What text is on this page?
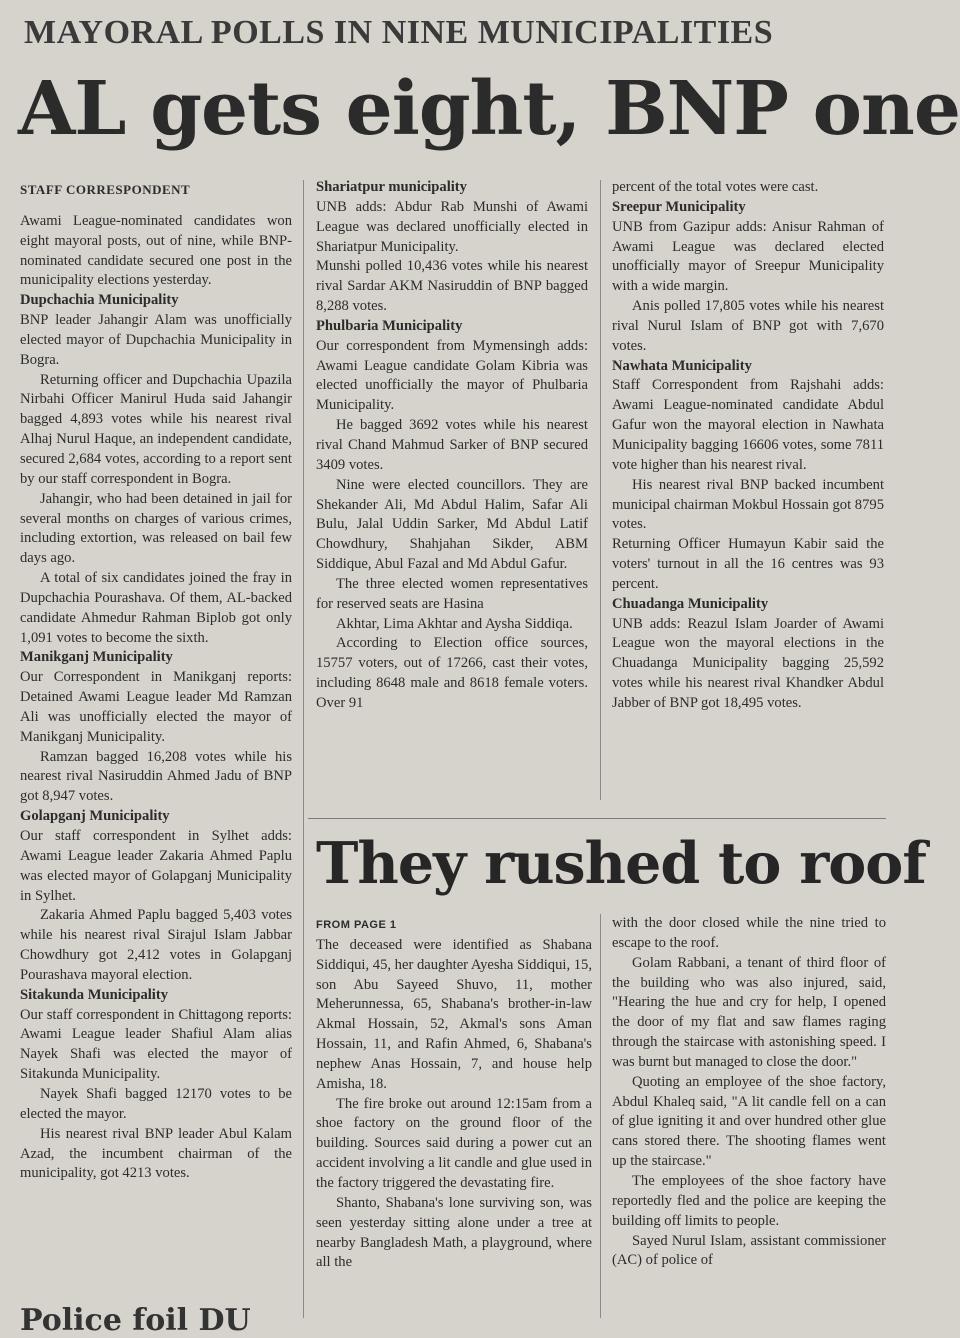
MAYORAL POLLS IN NINE MUNICIPALITIES
AL gets eight, BNP one
STAFF CORRESPONDENT

Awami League-nominated candidates won eight mayoral posts, out of nine, while BNP-nominated candidate secured one post in the municipality elections yesterday.

Dupchachia Municipality

BNP leader Jahangir Alam was unofficially elected mayor of Dupchachia Municipality in Bogra.

Returning officer and Dupchachia Upazila Nirbahi Officer Manirul Huda said Jahangir bagged 4,893 votes while his nearest rival Alhaj Nurul Haque, an independent candidate, secured 2,684 votes, according to a report sent by our staff correspondent in Bogra.

Jahangir, who had been detained in jail for several months on charges of various crimes, including extortion, was released on bail few days ago.

A total of six candidates joined the fray in Dupchachia Pourashava. Of them, AL-backed candidate Ahmedur Rahman Biplob got only 1,091 votes to become the sixth.

Manikganj Municipality

Our Correspondent in Manikganj reports: Detained Awami League leader Md Ramzan Ali was unofficially elected the mayor of Manikganj Municipality.

Ramzan bagged 16,208 votes while his nearest rival Nasiruddin Ahmed Jadu of BNP got 8,947 votes.

Golapganj Municipality

Our staff correspondent in Sylhet adds: Awami League leader Zakaria Ahmed Paplu was elected mayor of Golapganj Municipality in Sylhet.

Zakaria Ahmed Paplu bagged 5,403 votes while his nearest rival Sirajul Islam Jabbar Chowdhury got 2,412 votes in Golapganj Pourashava mayoral election.

Sitakunda Municipality

Our staff correspondent in Chittagong reports: Awami League leader Shafiul Alam alias Nayek Shafi was elected the mayor of Sitakunda Municipality.

Nayek Shafi bagged 12170 votes to be elected the mayor.

His nearest rival BNP leader Abul Kalam Azad, the incumbent chairman of the municipality, got 4213 votes.

Shariatpur municipality

UNB adds: Abdur Rab Munshi of Awami League was declared unofficially elected in Shariatpur Municipality.

Munshi polled 10,436 votes while his nearest rival Sardar AKM Nasiruddin of BNP bagged 8,288 votes.

Phulbaria Municipality

Our correspondent from Mymensingh adds: Awami League candidate Golam Kibria was elected unofficially the mayor of Phulbaria Municipality.

He bagged 3692 votes while his nearest rival Chand Mahmud Sarker of BNP secured 3409 votes.

Nine were elected councillors. They are Shekander Ali, Md Abdul Halim, Safar Ali Bulu, Jalal Uddin Sarker, Md Abdul Latif Chowdhury, Shahjahan Sikder, ABM Siddique, Abul Fazal and Md Abdul Gafur.

The three elected women representatives for reserved seats are Hasina

Akhtar, Lima Akhtar and Aysha Siddiqa.

According to Election office sources, 15757 voters, out of 17266, cast their votes, including 8648 male and 8618 female voters. Over 91

percent of the total votes were cast.

Sreepur Municipality

UNB from Gazipur adds: Anisur Rahman of Awami League was declared elected unofficially mayor of Sreepur Municipality with a wide margin.

Anis polled 17,805 votes while his nearest rival Nurul Islam of BNP got with 7,670 votes.

Nawhata Municipality

Staff Correspondent from Rajshahi adds: Awami League-nominated candidate Abdul Gafur won the mayoral election in Nawhata Municipality bagging 16606 votes, some 7811 vote higher than his nearest rival.

His nearest rival BNP backed incumbent municipal chairman Mokbul Hossain got 8795 votes.

Returning Officer Humayun Kabir said the voters' turnout in all the 16 centres was 93 percent.

Chuadanga Municipality

UNB adds: Reazul Islam Joarder of Awami League won the mayoral elections in the Chuadanga Municipality bagging 25,592 votes while his nearest rival Khandker Abdul Jabber of BNP got 18,495 votes.

They rushed to roof
FROM PAGE 1

The deceased were identified as Shabana Siddiqui, 45, her daughter Ayesha Siddiqui, 15, son Abu Sayeed Shuvo, 11, mother Meherunnessa, 65, Shabana's brother-in-law Akmal Hossain, 52, Akmal's sons Aman Hossain, 11, and Rafin Ahmed, 6, Shabana's nephew Anas Hossain, 7, and house help Amisha, 18.

The fire broke out around 12:15am from a shoe factory on the ground floor of the building. Sources said during a power cut an accident involving a lit candle and glue used in the factory triggered the devastating fire.

Shanto, Shabana's lone surviving son, was seen yesterday sitting alone under a tree at nearby Bangladesh Math, a playground, where all the

with the door closed while the nine tried to escape to the roof.

Golam Rabbani, a tenant of third floor of the building who was also injured, said, "Hearing the hue and cry for help, I opened the door of my flat and saw flames raging through the staircase with astonishing speed. I was burnt but managed to close the door."

Quoting an employee of the shoe factory, Abdul Khaleq said, "A lit candle fell on a can of glue igniting it and over hundred other glue cans stored there. The shooting flames went up the staircase."

The employees of the shoe factory have reportedly fled and the police are keeping the building off limits to people.

Sayed Nurul Islam, assistant commissioner (AC) of police of

Police foil DU
